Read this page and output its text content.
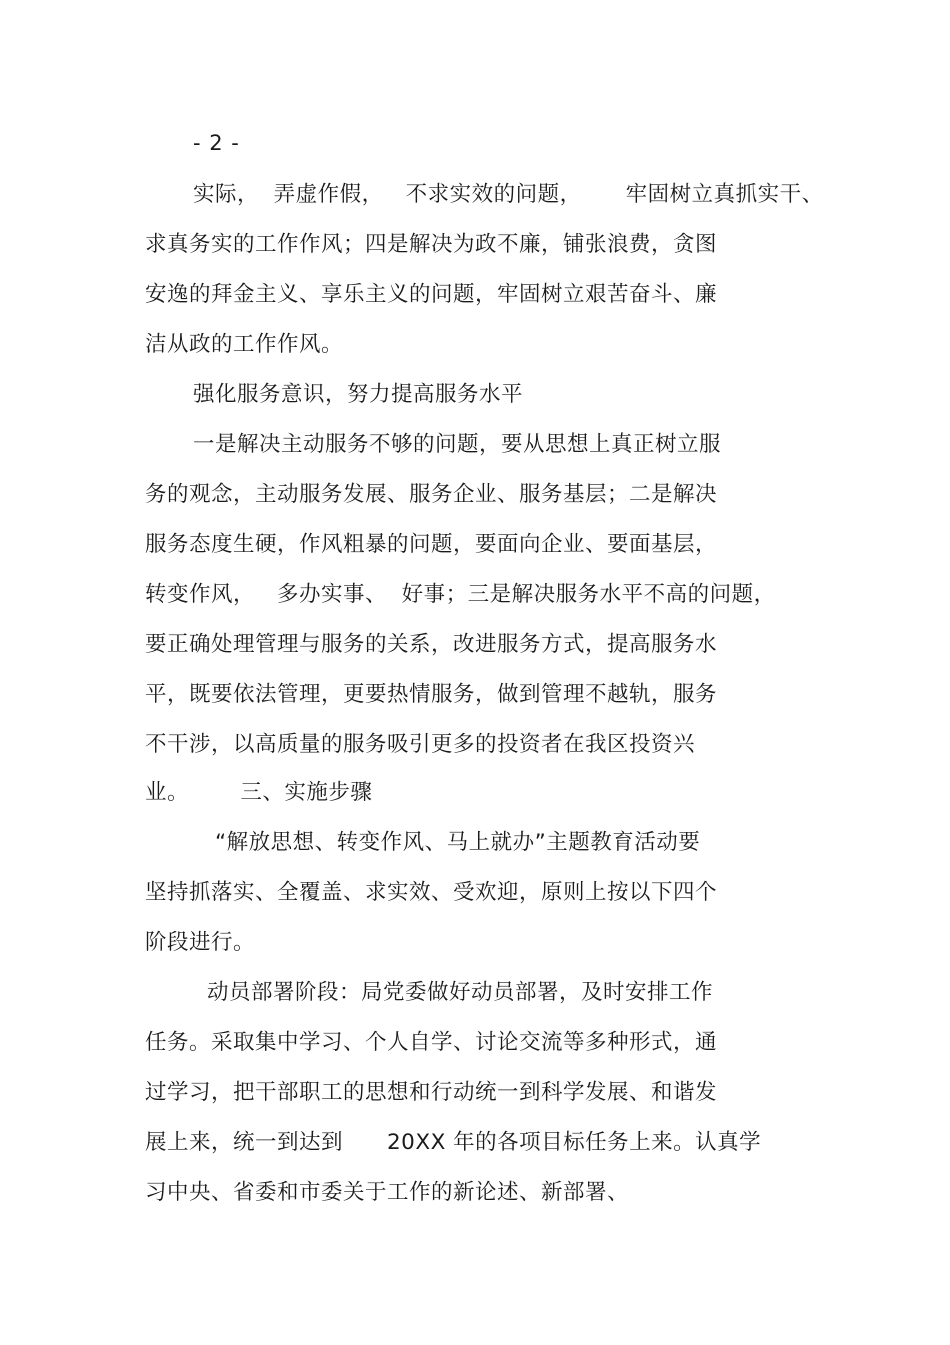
- 2 -
实际，  弄虚作假，   不求实效的问题，      牢固树立真抓实干、
求真务实的工作作风；四是解决为政不廉，铺张浪费，贪图
安逸的拜金主义、享乐主义的问题，牢固树立艰苦奋斗、廉
洁从政的工作作风。
强化服务意识，努力提高服务水平
一是解决主动服务不够的问题，要从思想上真正树立服
务的观念，主动服务发展、服务企业、服务基层；二是解决
服务态度生硬，作风粗暴的问题，要面向企业、要面基层，
转变作风，   多办实事、  好事；三是解决服务水平不高的问题，
要正确处理管理与服务的关系，改进服务方式，提高服务水
平，既要依法管理，更要热情服务，做到管理不越轨，服务
不干涉，以高质量的服务吸引更多的投资者在我区投资兴
业。       三、实施步骤
“解放思想、转变作风、马上就办”主题教育活动要
坚持抓落实、全覆盖、求实效、受欢迎，原则上按以下四个
阶段进行。
动员部署阶段：局党委做好动员部署，及时安排工作
任务。采取集中学习、个人自学、讨论交流等多种形式，通
过学习，把干部职工的思想和行动统一到科学发展、和谐发
展上来，统一到达到      20XX 年的各项目标任务上来。认真学
习中央、省委和市委关于工作的新论述、新部署、
